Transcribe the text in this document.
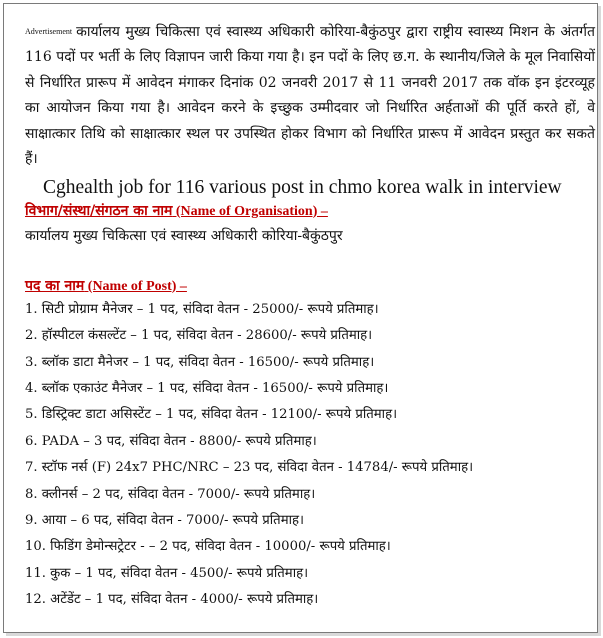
Advertisement कार्यालय मुख्य चिकित्सा एवं स्वास्थ्य अधिकारी कोरिया-बैकुंठपुर द्वारा राष्ट्रीय स्वास्थ्य मिशन के अंतर्गत 116 पदों पर भर्ती के लिए विज्ञापन जारी किया गया है। इन पदों के लिए छ.ग. के स्थानीय/जिले के मूल निवासियों से निर्धारित प्रारूप में आवेदन मंगाकर दिनांक 02 जनवरी 2017 से 11 जनवरी 2017 तक वॉक इन इंटरव्यूह का आयोजन किया गया है। आवेदन करने के इच्छुक उम्मीदवार जो निर्धारित अर्हताओं की पूर्ति करते हों, वे साक्षात्कार तिथि को साक्षात्कार स्थल पर उपस्थित होकर विभाग को निर्धारित प्रारूप में आवेदन प्रस्तुत कर सकते हैं।

Cghealth job for 116 various post in chmo korea walk in interview

विभाग/संस्था/संगठन का नाम (Name of Organisation) –

कार्यालय मुख्य चिकित्सा एवं स्वास्थ्य अधिकारी कोरिया-बैकुंठपुर

पद का नाम (Name of Post) –

1. सिटी प्रोग्राम मैनेजर – 1 पद, संविदा वेतन - 25000/- रूपये प्रतिमाह।
2. हॉस्पीटल कंसल्टेंट – 1 पद, संविदा वेतन - 28600/- रूपये प्रतिमाह।
3. ब्लॉक डाटा मैनेजर – 1 पद, संविदा वेतन - 16500/- रूपये प्रतिमाह।
4. ब्लॉक एकाउंट मैनेजर – 1 पद, संविदा वेतन - 16500/- रूपये प्रतिमाह।
5. डिस्ट्रिक्ट डाटा असिस्टेंट – 1 पद, संविदा वेतन - 12100/- रूपये प्रतिमाह।
6. PADA – 3 पद, संविदा वेतन - 8800/- रूपये प्रतिमाह।
7. स्टॉफ नर्स (F) 24x7 PHC/NRC – 23 पद, संविदा वेतन - 14784/- रूपये प्रतिमाह।
8. क्लीनर्स – 2 पद, संविदा वेतन - 7000/- रूपये प्रतिमाह।
9. आया – 6 पद, संविदा वेतन - 7000/- रूपये प्रतिमाह।
10. फिडिंग डेमोन्सट्रेटर - – 2 पद, संविदा वेतन - 10000/- रूपये प्रतिमाह।
11. कुक – 1 पद, संविदा वेतन - 4500/- रूपये प्रतिमाह।
12. अटेंडेंट – 1 पद, संविदा वेतन - 4000/- रूपये प्रतिमाह।
